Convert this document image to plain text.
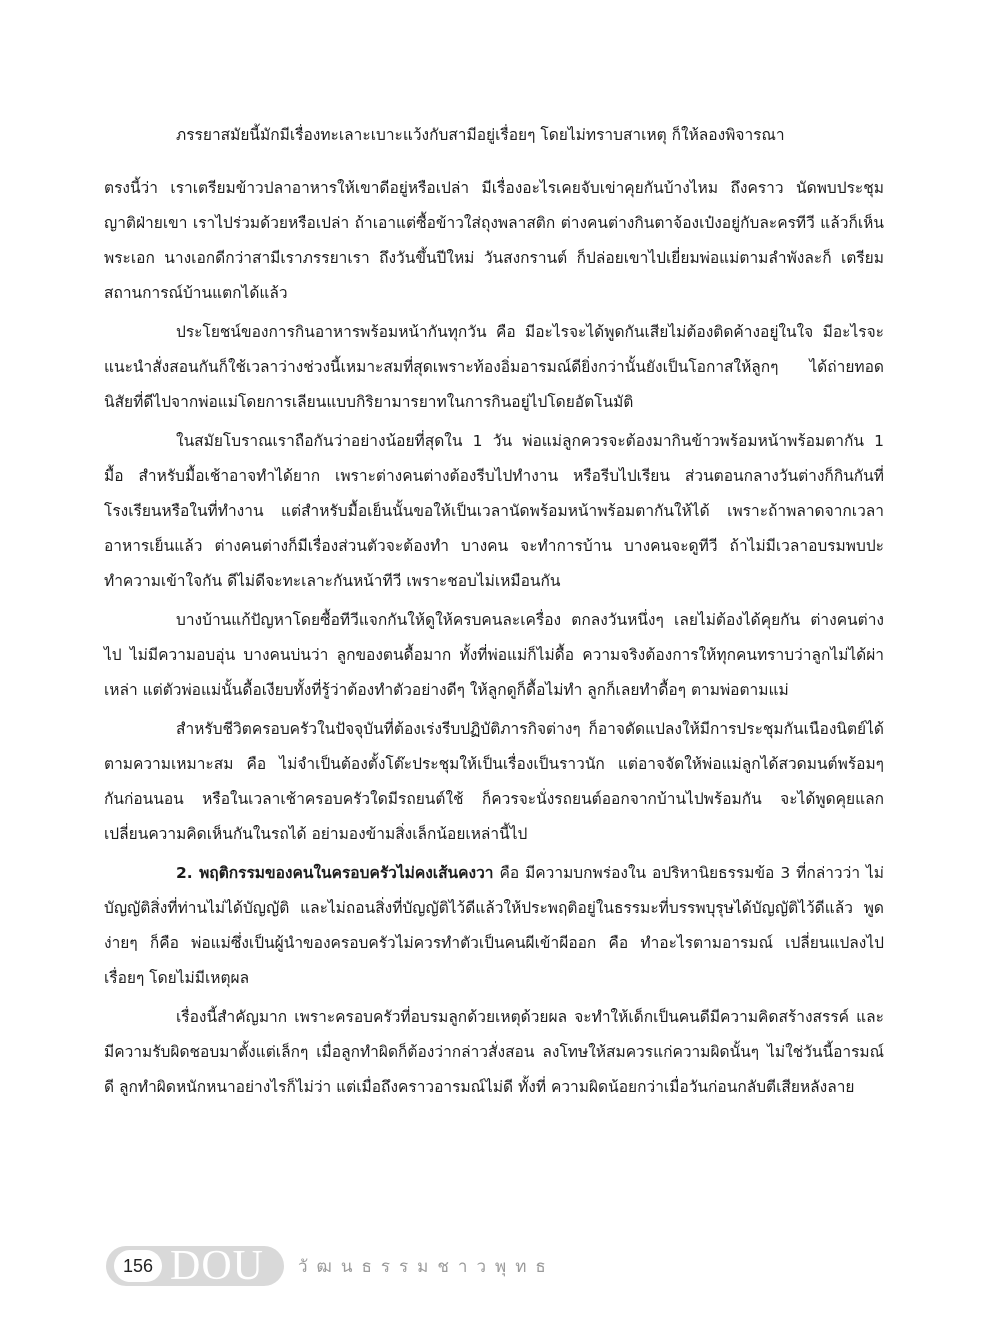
ภรรยาสมัยนี้มักมีเรื่องทะเลาะเบาะแว้งกับสามีอยู่เรื่อยๆ โดยไม่ทราบสาเหตุ ก็ให้ลองพิจารณา

ตรงนี้ว่า เราเตรียมข้าวปลาอาหารให้เขาดีอยู่หรือเปล่า มีเรื่องอะไรเคยจับเข่าคุยกันบ้างไหม ถึงคราว นัดพบประชุมญาติฝ่ายเขา เราไปร่วมด้วยหรือเปล่า ถ้าเอาแต่ซื้อข้าวใส่ถุงพลาสติก ต่างคนต่างกินตาจ้องเป๋งอยู่กับละครทีวี แล้วก็เห็นพระเอก นางเอกดีกว่าสามีเราภรรยาเรา ถึงวันขึ้นปีใหม่ วันสงกรานต์ ก็ปล่อยเขาไปเยี่ยมพ่อแม่ตามลำพังละก็ เตรียมสถานการณ์บ้านแตกได้แล้ว

ประโยชน์ของการกินอาหารพร้อมหน้ากันทุกวัน คือ มีอะไรจะได้พูดกันเสียไม่ต้องติดค้างอยู่ในใจ มีอะไรจะแนะนำสั่งสอนกันก็ใช้เวลาว่างช่วงนี้เหมาะสมที่สุดเพราะท้องอิ่มอารมณ์ดียิ่งกว่านั้นยังเป็นโอกาสให้ลูกๆ ได้ถ่ายทอดนิสัยที่ดีไปจากพ่อแม่โดยการเลียนแบบกิริยามารยาทในการกินอยู่ไปโดยอัตโนมัติ

ในสมัยโบราณเราถือกันว่าอย่างน้อยที่สุดใน 1 วัน พ่อแม่ลูกควรจะต้องมากินข้าวพร้อมหน้าพร้อมตากัน 1 มื้อ สำหรับมื้อเช้าอาจทำได้ยาก เพราะต่างคนต่างต้องรีบไปทำงาน หรือรีบไปเรียน ส่วนตอนกลางวันต่างก็กินกันที่โรงเรียนหรือในที่ทำงาน แต่สำหรับมื้อเย็นนั้นขอให้เป็นเวลานัดพร้อมหน้าพร้อมตากันให้ได้ เพราะถ้าพลาดจากเวลาอาหารเย็นแล้ว ต่างคนต่างก็มีเรื่องส่วนตัวจะต้องทำ บางคน จะทำการบ้าน บางคนจะดูทีวี ถ้าไม่มีเวลาอบรมพบปะทำความเข้าใจกัน ดีไม่ดีจะทะเลาะกันหน้าทีวี เพราะชอบไม่เหมือนกัน

บางบ้านแก้ปัญหาโดยซื้อทีวีแจกกันให้ดูให้ครบคนละเครื่อง ตกลงวันหนึ่งๆ เลยไม่ต้องได้คุยกัน ต่างคนต่างไป ไม่มีความอบอุ่น บางคนบ่นว่า ลูกของตนดื้อมาก ทั้งที่พ่อแม่ก็ไม่ดื้อ ความจริงต้องการให้ทุกคนทราบว่าลูกไม่ได้ผ่าเหล่า แต่ตัวพ่อแม่นั้นดื้อเงียบทั้งที่รู้ว่าต้องทำตัวอย่างดีๆ ให้ลูกดูก็ดื้อไม่ทำ ลูกก็เลยทำดื้อๆ ตามพ่อตามแม่

สำหรับชีวิตครอบครัวในปัจจุบันที่ต้องเร่งรีบปฏิบัติภารกิจต่างๆ ก็อาจดัดแปลงให้มีการประชุมกันเนืองนิตย์ได้ตามความเหมาะสม คือ ไม่จำเป็นต้องตั้งโต๊ะประชุมให้เป็นเรื่องเป็นราวนัก แต่อาจจัดให้พ่อแม่ลูกได้สวดมนต์พร้อมๆ กันก่อนนอน หรือในเวลาเช้าครอบครัวใดมีรถยนต์ใช้ ก็ควรจะนั่งรถยนต์ออกจากบ้านไปพร้อมกัน จะได้พูดคุยแลกเปลี่ยนความคิดเห็นกันในรถได้ อย่ามองข้ามสิ่งเล็กน้อยเหล่านี้ไป

2. พฤติกรรมของคนในครอบครัวไม่คงเส้นคงวา คือ มีความบกพร่องใน อปริหานิยธรรมข้อ 3 ที่กล่าวว่า ไม่บัญญัติสิ่งที่ท่านไม่ได้บัญญัติ และไม่ถอนสิ่งที่บัญญัติไว้ดีแล้วให้ประพฤติอยู่ในธรรมะที่บรรพบุรุษได้บัญญัติไว้ดีแล้ว พูดง่ายๆ ก็คือ พ่อแม่ซึ่งเป็นผู้นำของครอบครัวไม่ควรทำตัวเป็นคนผีเข้าผีออก คือ ทำอะไรตามอารมณ์ เปลี่ยนแปลงไปเรื่อยๆ โดยไม่มีเหตุผล

เรื่องนี้สำคัญมาก เพราะครอบครัวที่อบรมลูกด้วยเหตุด้วยผล จะทำให้เด็กเป็นคนดีมีความคิดสร้างสรรค์ และมีความรับผิดชอบมาตั้งแต่เล็กๆ เมื่อลูกทำผิดก็ต้องว่ากล่าวสั่งสอน ลงโทษให้สมควรแก่ความผิดนั้นๆ ไม่ใช่วันนี้อารมณ์ดี ลูกทำผิดหนักหนาอย่างไรก็ไม่ว่า แต่เมื่อถึงคราวอารมณ์ไม่ดี ทั้งที่ ความผิดน้อยกว่าเมื่อวันก่อนกลับตีเสียหลังลาย

156 DOU วัฒนธรรมชาวพุทธ
